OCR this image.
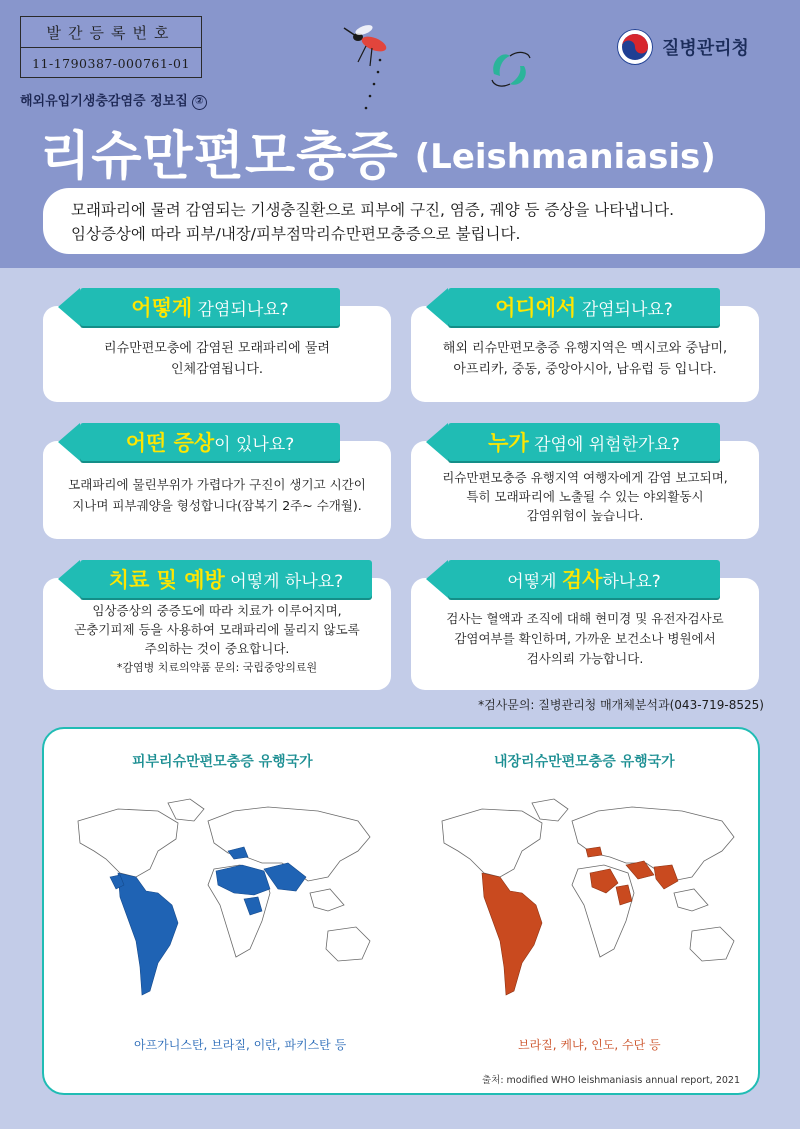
발간등록번호
11-1790387-000761-01
해외유입기생충감염증 정보집 ②
리슈만편모충증 (Leishmaniasis)
질병관리청
모래파리에 물려 감염되는 기생충질환으로 피부에 구진, 염증, 궤양 등 증상을 나타냅니다.
임상증상에 따라 피부/내장/피부점막리슈만편모충증으로 불립니다.
리슈만편모충에 감염된 모래파리에 물려
인체감염됩니다.
어떻게 감염되나요?
해외 리슈만편모충증 유행지역은 멕시코와 중남미,
아프리카, 중동, 중앙아시아, 남유럽 등 입니다.
어디에서 감염되나요?
모래파리에 물린부위가 가렵다가 구진이 생기고 시간이
지나며 피부궤양을 형성합니다(잠복기 2주~ 수개월).
어떤 증상 이 있나요?
리슈만편모충증 유행지역 여행자에게 감염 보고되며,
특히 모래파리에 노출될 수 있는 야외활동시
감염위험이 높습니다.
누가 감염에 위험한가요?
임상증상의 중증도에 따라 치료가 이루어지며,
곤충기피제 등을 사용하여 모래파리에 물리지 않도록
주의하는 것이 중요합니다.
*감염병 치료의약품 문의: 국립중앙의료원
치료 및 예방 어떻게 하나요?
검사는 혈액과 조직에 대해 현미경 및 유전자검사로
감염여부를 확인하며, 가까운 보건소나 병원에서
검사의뢰 가능합니다.
어떻게 검사 하나요?
*검사문의: 질병관리청 매개체분석과(043-719-8525)
피부리슈만편모충증 유행국가	내장리슈만편모충증 유행국가
아프가니스탄, 브라질, 이란, 파키스탄 등	브라질, 케냐, 인도, 수단 등
출처: modified WHO leishmaniasis annual report, 2021
